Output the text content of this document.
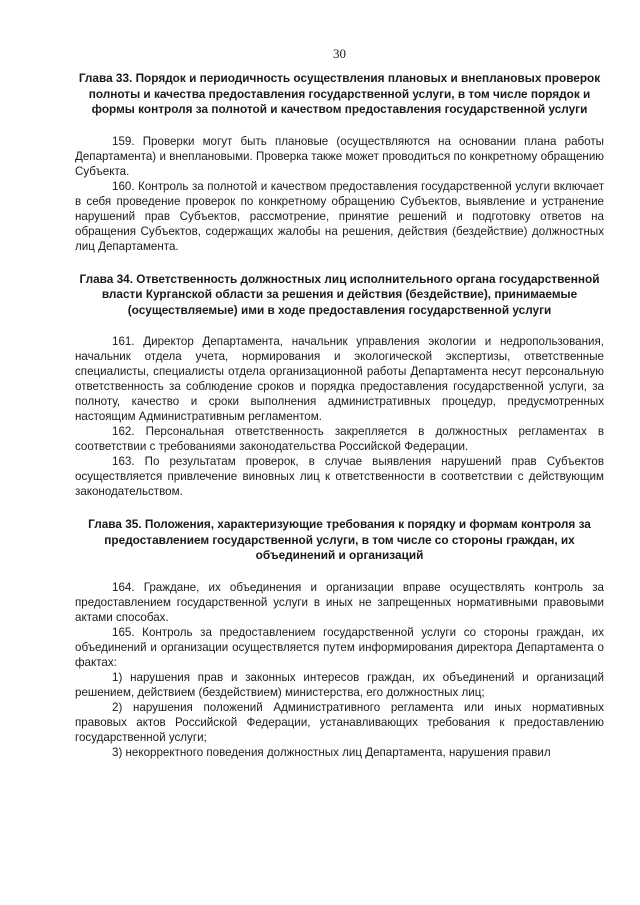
30

Глава 33. Порядок и периодичность осуществления плановых и внеплановых проверок полноты и качества предоставления государственной услуги, в том числе порядок и формы контроля за полнотой и качеством предоставления государственной услуги

159. Проверки могут быть плановые (осуществляются на основании плана работы Департамента) и внеплановыми. Проверка также может проводиться по конкретному обращению Субъекта.

160. Контроль за полнотой и качеством предоставления государственной услуги включает в себя проведение проверок по конкретному обращению Субъектов, выявление и устранение нарушений прав Субъектов, рассмотрение, принятие решений и подготовку ответов на обращения Субъектов, содержащих жалобы на решения, действия (бездействие) должностных лиц Департамента.

Глава 34. Ответственность должностных лиц исполнительного органа государственной власти Курганской области за решения и действия (бездействие), принимаемые (осуществляемые) ими в ходе предоставления государственной услуги

161. Директор Департамента, начальник управления экологии и недропользования, начальник отдела учета, нормирования и экологической экспертизы, ответственные специалисты, специалисты отдела организационной работы Департамента несут персональную ответственность за соблюдение сроков и порядка предоставления государственной услуги, за полноту, качество и сроки выполнения административных процедур, предусмотренных настоящим Административным регламентом.

162. Персональная ответственность закрепляется в должностных регламентах в соответствии с требованиями законодательства Российской Федерации.

163. По результатам проверок, в случае выявления нарушений прав Субъектов осуществляется привлечение виновных лиц к ответственности в соответствии с действующим законодательством.

Глава 35. Положения, характеризующие требования к порядку и формам контроля за предоставлением государственной услуги, в том числе со стороны граждан, их объединений и организаций

164. Граждане, их объединения и организации вправе осуществлять контроль за предоставлением государственной услуги в иных не запрещенных нормативными правовыми актами способах.

165. Контроль за предоставлением государственной услуги со стороны граждан, их объединений и организации осуществляется путем информирования директора Департамента о фактах:

1) нарушения прав и законных интересов граждан, их объединений и организаций решением, действием (бездействием) министерства, его должностных лиц;

2) нарушения положений Административного регламента или иных нормативных правовых актов Российской Федерации, устанавливающих требования к предоставлению государственной услуги;

3) некорректного поведения должностных лиц Департамента, нарушения правил
